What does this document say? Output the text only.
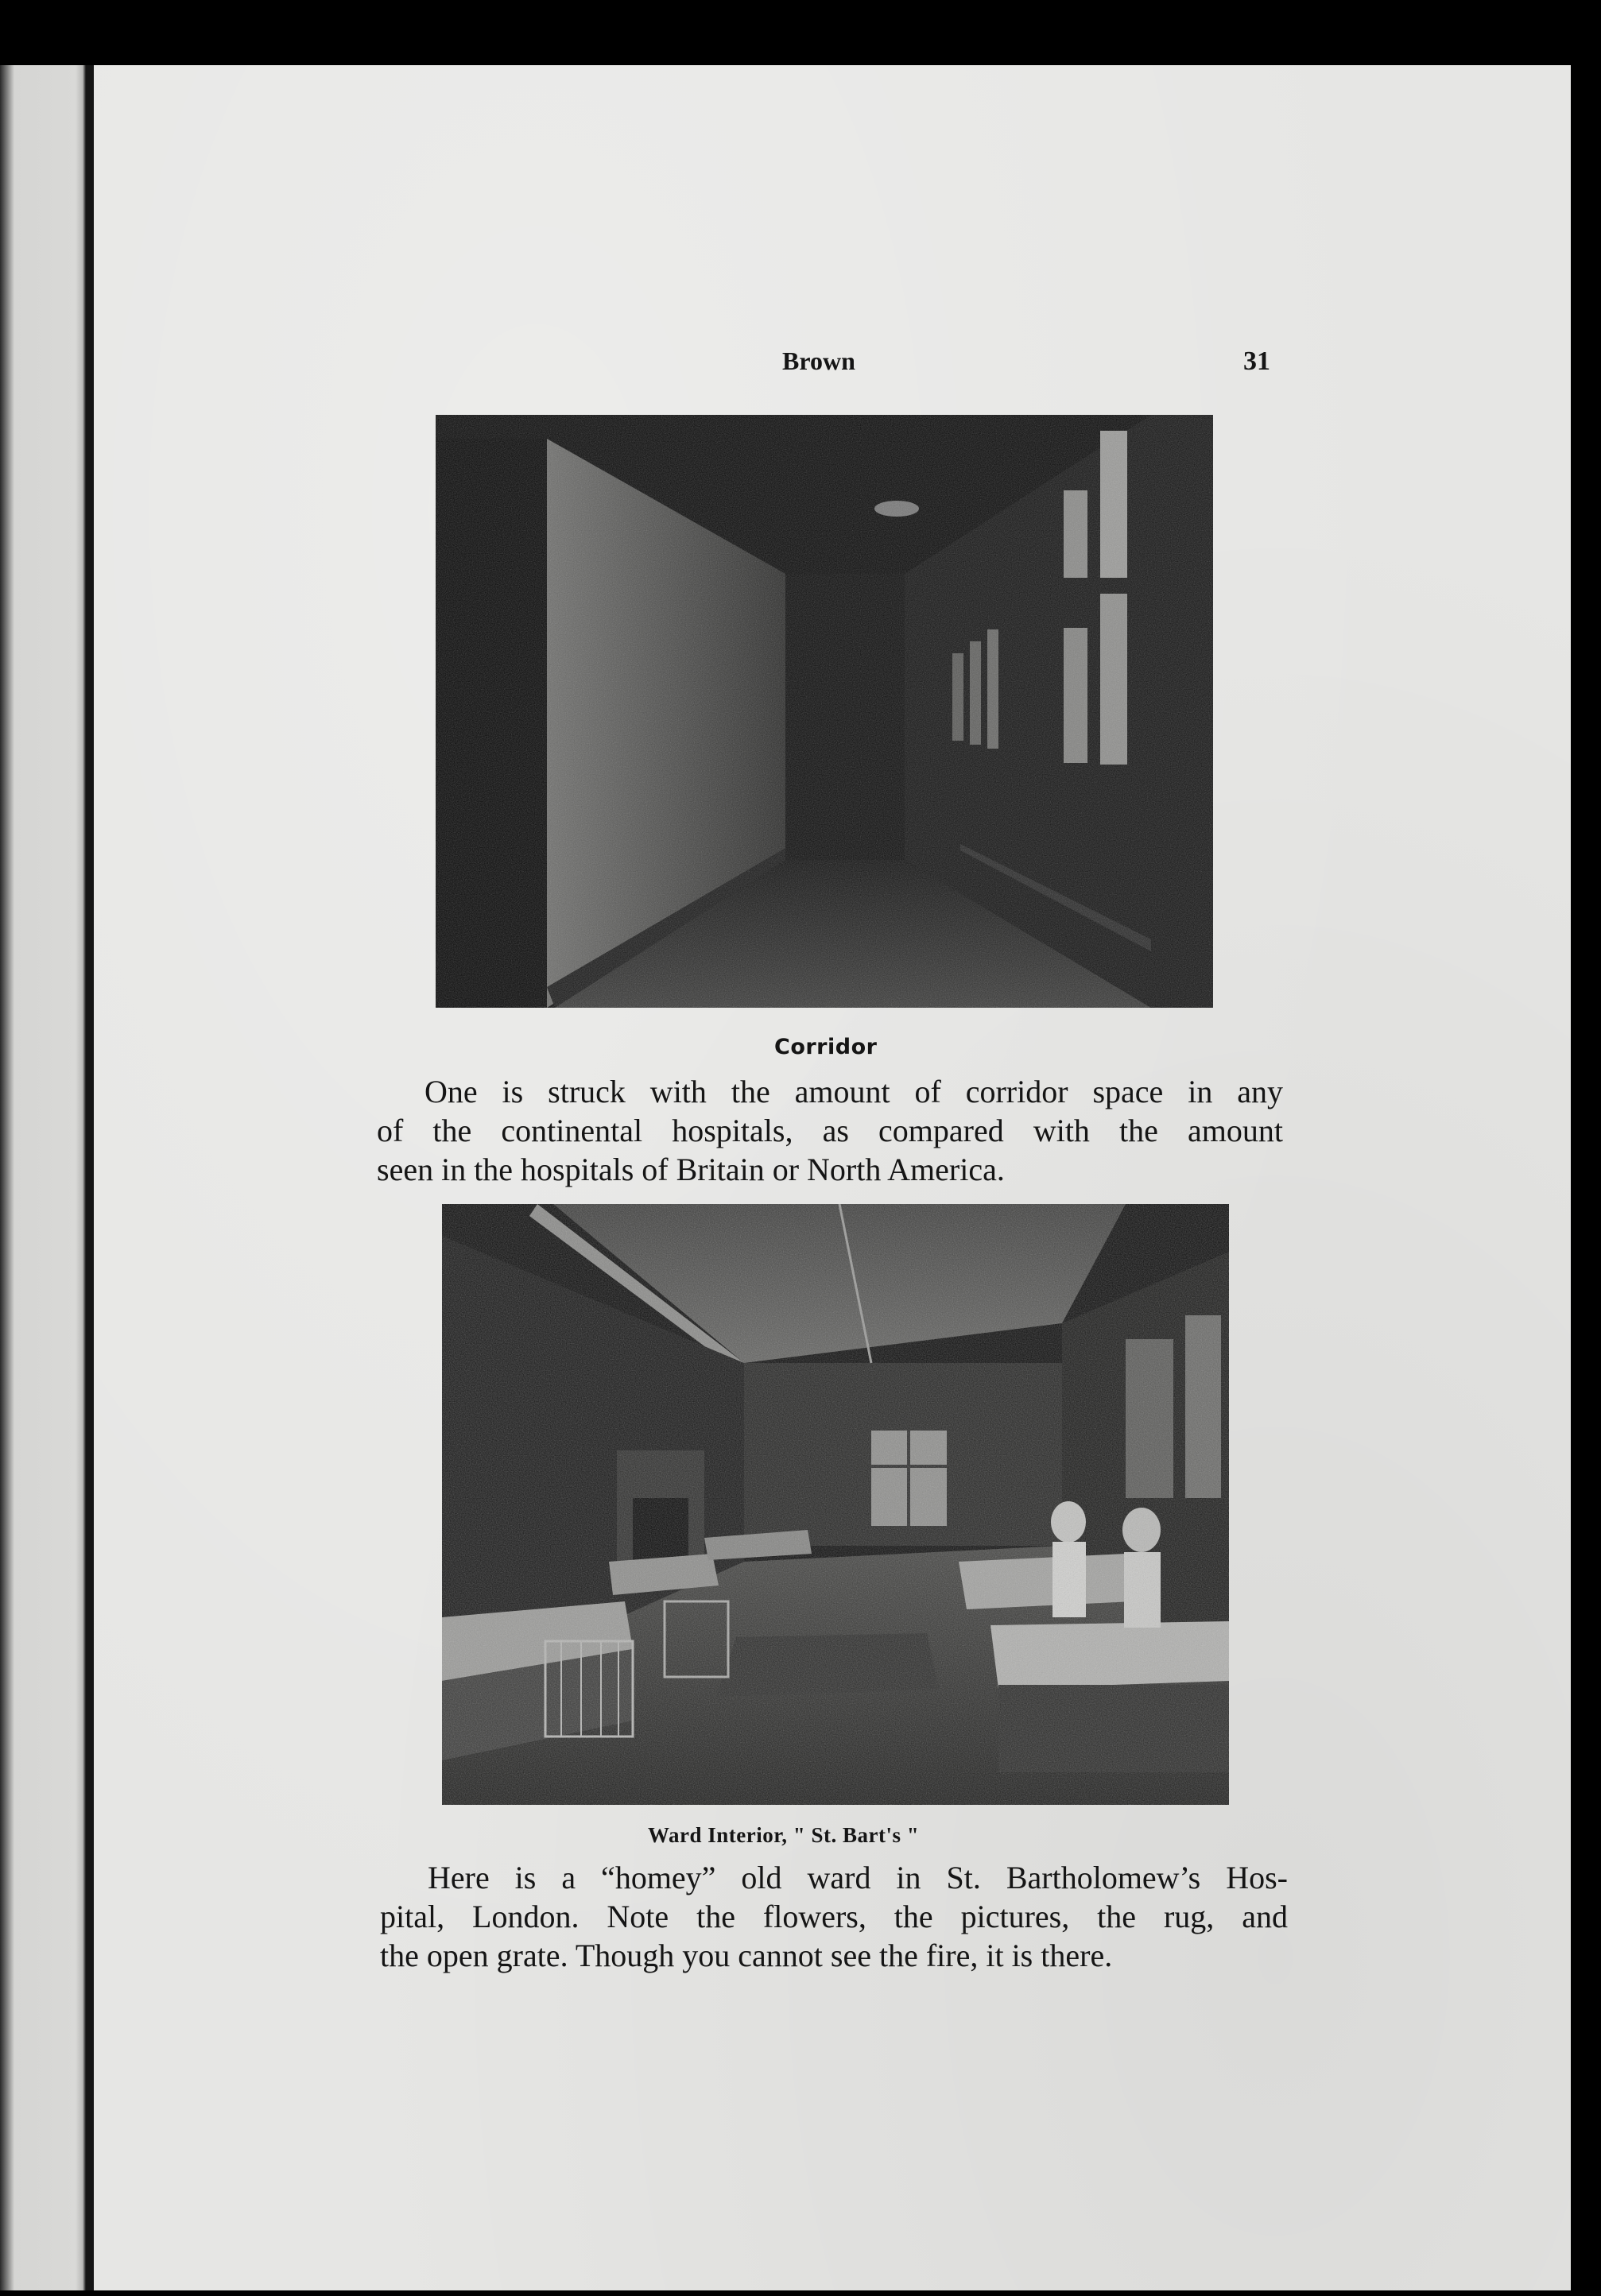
Brown	31
Corridor
One is struck with the amount of corridor space in any
of the continental hospitals, as compared with the amount
seen in the hospitals of Britain or North America.
Ward Interior, " St. Bart's "
Here is a “homey” old ward in St. Bartholomew’s Hos-
pital, London. Note the flowers, the pictures, the rug, and
the open grate. Though you cannot see the fire, it is there.
